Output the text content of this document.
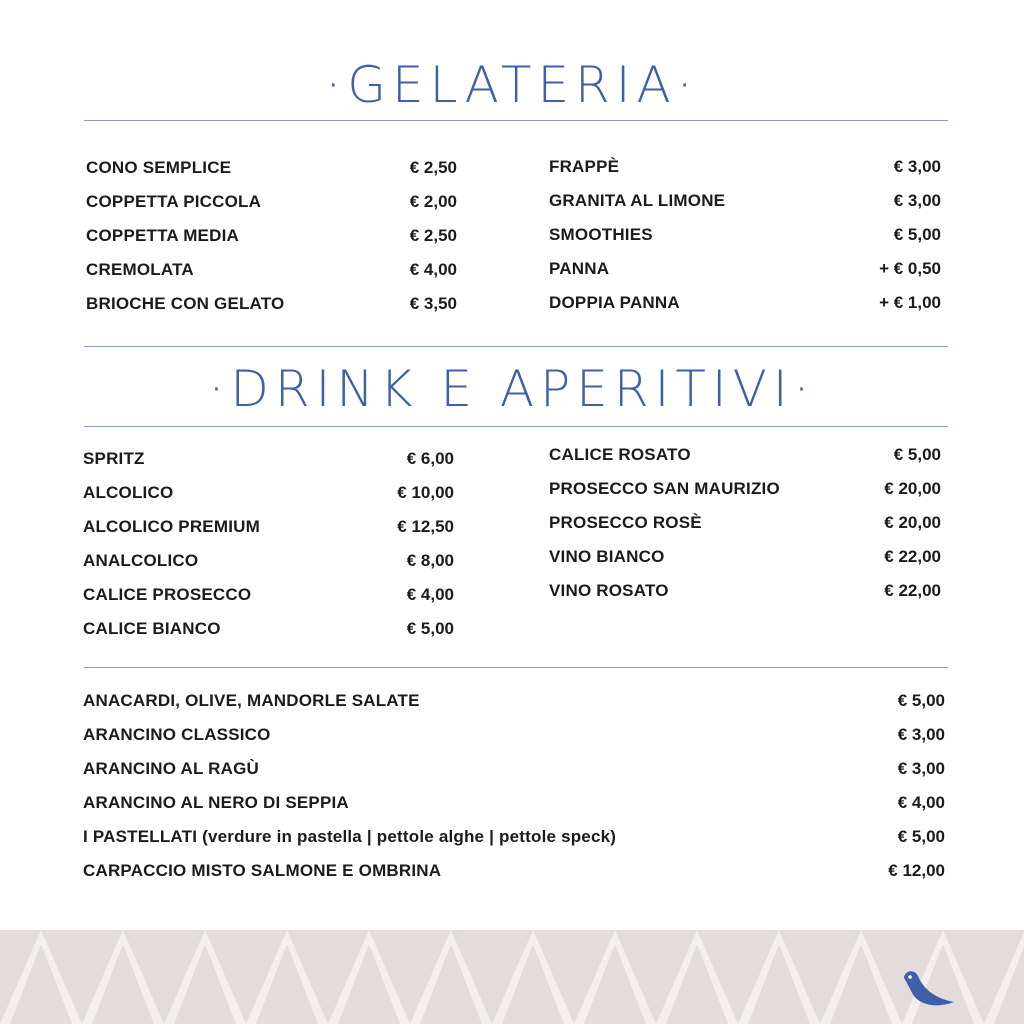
·GELATERIA·
CONO SEMPLICE	€ 2,50
COPPETTA PICCOLA	€ 2,00
COPPETTA MEDIA	€ 2,50
CREMOLATA	€ 4,00
BRIOCHE CON GELATO	€ 3,50
FRAPPÈ	€ 3,00
GRANITA AL LIMONE	€ 3,00
SMOOTHIES	€ 5,00
PANNA	+ € 0,50
DOPPIA PANNA	+ € 1,00
·DRINK E APERITIVI·
SPRITZ	€ 6,00
ALCOLICO	€ 10,00
ALCOLICO PREMIUM	€ 12,50
ANALCOLICO	€ 8,00
CALICE PROSECCO	€ 4,00
CALICE BIANCO	€ 5,00
CALICE ROSATO	€ 5,00
PROSECCO SAN MAURIZIO	€ 20,00
PROSECCO ROSÈ	€ 20,00
VINO BIANCO	€ 22,00
VINO ROSATO	€ 22,00
ANACARDI, OLIVE, MANDORLE SALATE	€ 5,00
ARANCINO CLASSICO	€ 3,00
ARANCINO AL RAGÙ	€ 3,00
ARANCINO AL NERO DI SEPPIA	€ 4,00
I PASTELLATI (verdure in pastella | pettole alghe | pettole speck)	€ 5,00
CARPACCIO MISTO SALMONE E OMBRINA	€ 12,00
